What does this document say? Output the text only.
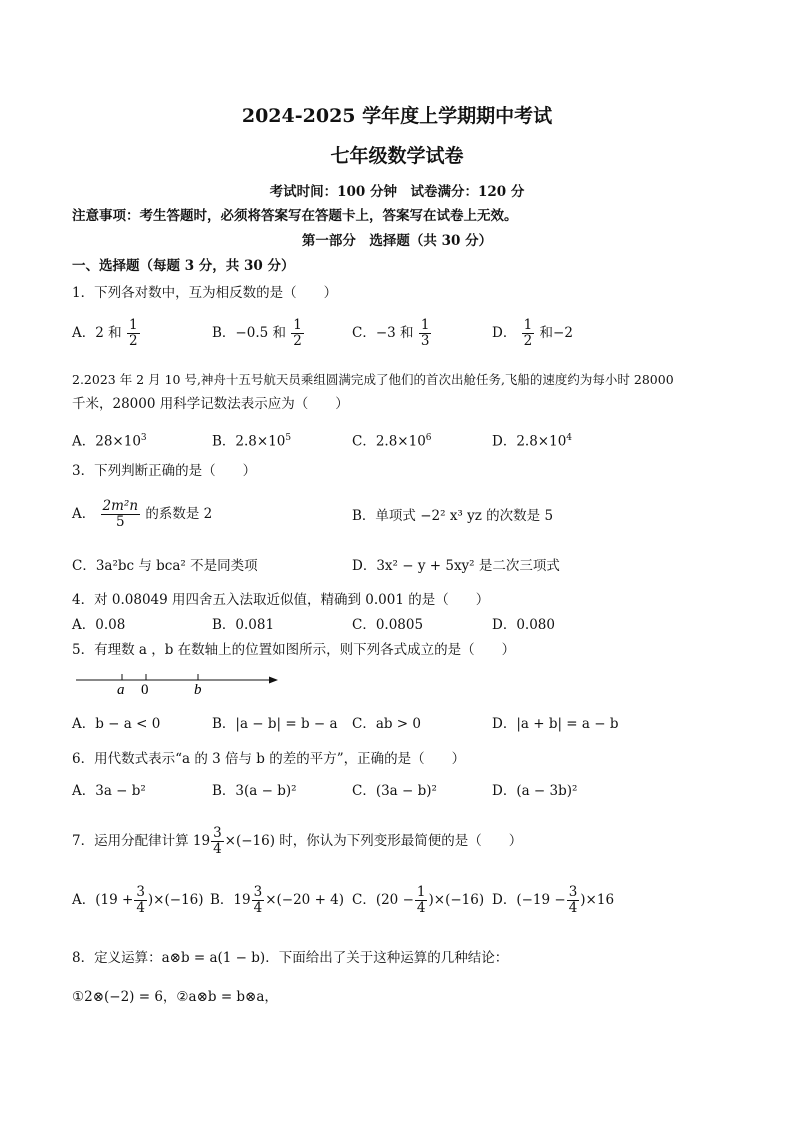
2024-2025 学年度上学期期中考试
七年级数学试卷
考试时间：100 分钟　试卷满分：120 分
注意事项：考生答题时，必须将答案写在答题卡上，答案写在试卷上无效。
第一部分　选择题（共 30 分）
一、选择题（每题 3 分，共 30 分）
1．下列各对数中，互为相反数的是（　　）
A．2 和 $\frac{1}{2}$	B．−0.5 和 $\frac{1}{2}$	C．−3 和 $\frac{1}{3}$	D． $\frac{1}{2}$ 和−2
2.2023 年 2 月 10 号,神舟十五号航天员乘组圆满完成了他们的首次出舱任务,飞船的速度约为每小时 28000
千米，28000 用科学记数法表示应为（　　）
A．$28\times 10^3$	B．$2.8\times 10^5$	C．$2.8\times 10^6$	D．$2.8\times 10^4$
3．下列判断正确的是（　　）
A． $\frac{\text{2m²n}}{5}$ 的系数是 2	B．单项式 −2² x³ yz 的次数是 5
C．3a²bc 与 bca² 不是同类项	D．3x² − y + 5xy² 是二次三项式
4．对 0.08049 用四舍五入法取近似值，精确到 0.001 的是（　　）
A．0.08	B．0.081	C．0.0805	D．0.080
5．有理数 a ，b 在数轴上的位置如图所示，则下列各式成立的是（　　）
a 0	b
A．b − a < 0	B．|a − b| = b − a C．ab > 0	D．|a + b| = a − b
6．用代数式表示“a 的 3 倍与 b 的差的平方”，正确的是（　　）
A．3a − b²	B．3(a − b)²	C．(3a − b)²	D．(a − 3b)²
7．运用分配律计算 $19 \frac{3}{4} \times(-16)$ 时，你认为下列变形最简便的是（　　）
A．$(19 + \frac{3}{4} )\times(-16)$ B．$19 \frac{3}{4} \times(-20 + 4)$ C．$(20 - \frac{1}{4} )\times(-16)$ D．$(-19 - \frac{3}{4} )\times 16$
8．定义运算：a⊗b = a(1 − b)．下面给出了关于这种运算的几种结论：
①2⊗(−2) = 6，②a⊗b = b⊗a，
